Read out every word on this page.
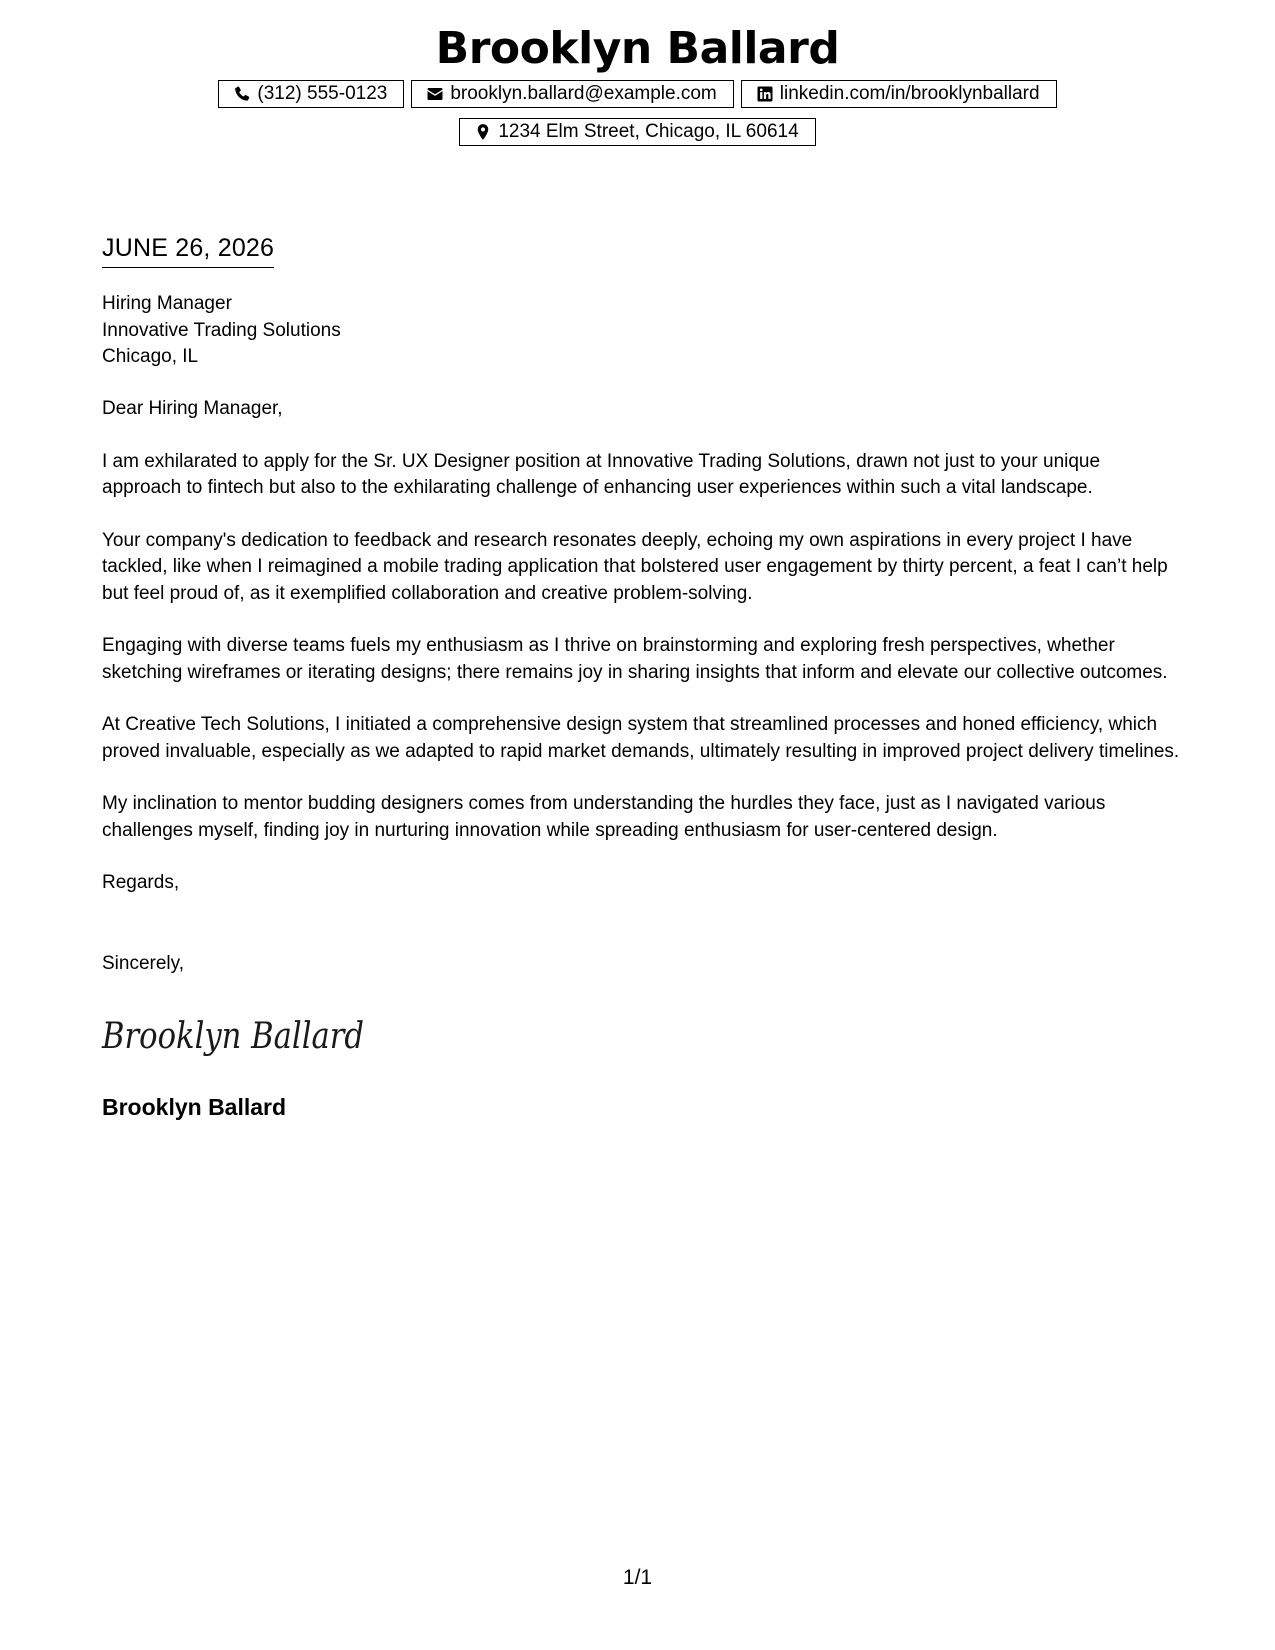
Brooklyn Ballard
(312) 555-0123	brooklyn.ballard@example.com	linkedin.com/in/brooklynballard
1234 Elm Street, Chicago, IL 60614
JUNE 26, 2026
Hiring Manager
Innovative Trading Solutions
Chicago, IL

Dear Hiring Manager,

I am exhilarated to apply for the Sr. UX Designer position at Innovative Trading Solutions, drawn not just to your unique approach to fintech but also to the exhilarating challenge of enhancing user experiences within such a vital landscape.

Your company's dedication to feedback and research resonates deeply, echoing my own aspirations in every project I have tackled, like when I reimagined a mobile trading application that bolstered user engagement by thirty percent, a feat I can’t help but feel proud of, as it exemplified collaboration and creative problem-solving.

Engaging with diverse teams fuels my enthusiasm as I thrive on brainstorming and exploring fresh perspectives, whether sketching wireframes or iterating designs; there remains joy in sharing insights that inform and elevate our collective outcomes.

At Creative Tech Solutions, I initiated a comprehensive design system that streamlined processes and honed efficiency, which proved invaluable, especially as we adapted to rapid market demands, ultimately resulting in improved project delivery timelines.

My inclination to mentor budding designers comes from understanding the hurdles they face, just as I navigated various challenges myself, finding joy in nurturing innovation while spreading enthusiasm for user-centered design.

Regards,

Sincerely,
Brooklyn Ballard
Brooklyn Ballard
1/1
